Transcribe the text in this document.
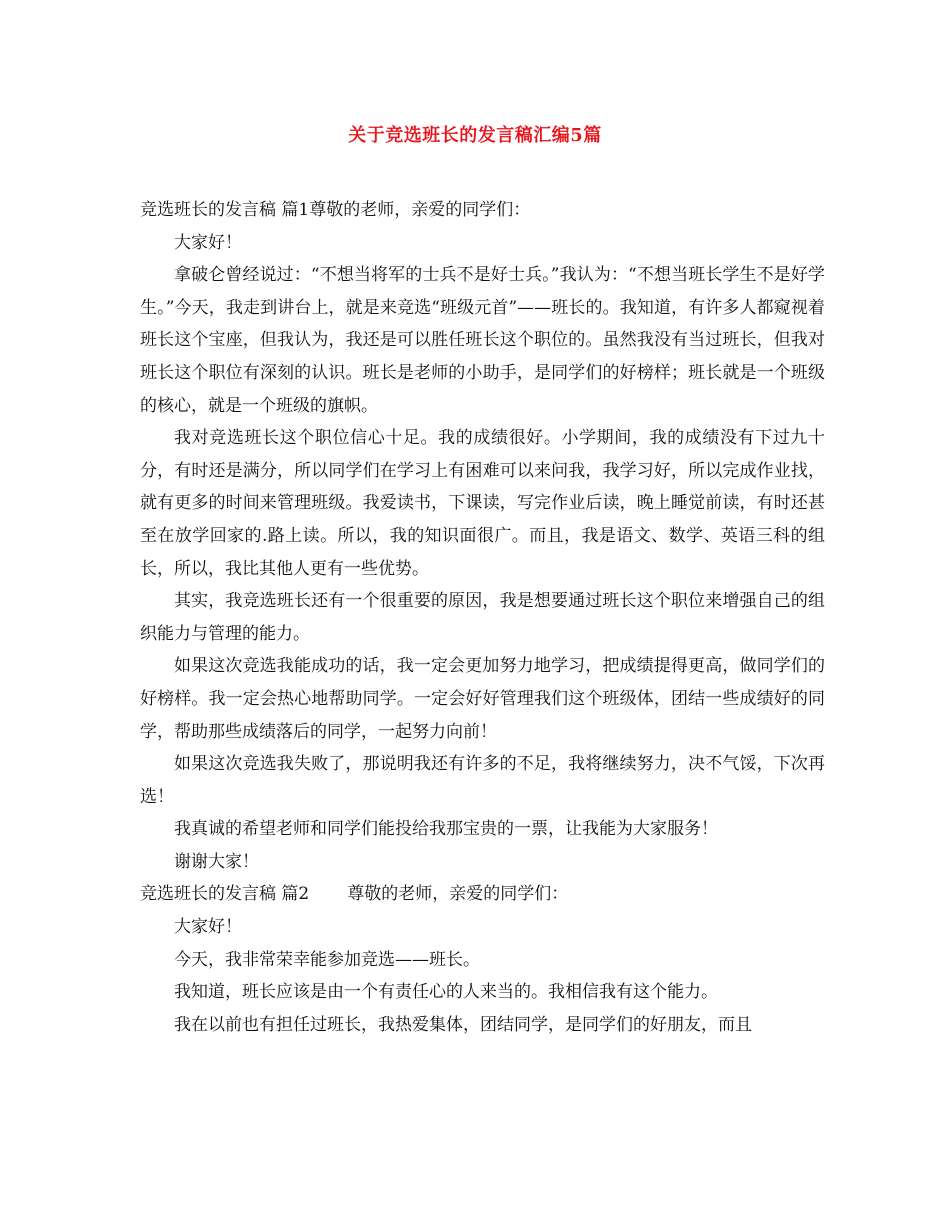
关于竞选班长的发言稿汇编5篇

竞选班长的发言稿 篇1尊敬的老师，亲爱的同学们：

大家好！

拿破仑曾经说过：“不想当将军的士兵不是好士兵。”我认为：“不想当班长学生不是好学生。”今天，我走到讲台上，就是来竞选“班级元首”——班长的。我知道，有许多人都窥视着班长这个宝座，但我认为，我还是可以胜任班长这个职位的。虽然我没有当过班长，但我对班长这个职位有深刻的认识。班长是老师的小助手，是同学们的好榜样；班长就是一个班级的核心，就是一个班级的旗帜。

我对竞选班长这个职位信心十足。我的成绩很好。小学期间，我的成绩没有下过九十分，有时还是满分，所以同学们在学习上有困难可以来问我，我学习好，所以完成作业找，就有更多的时间来管理班级。我爱读书，下课读，写完作业后读，晚上睡觉前读，有时还甚至在放学回家的.路上读。所以，我的知识面很广。而且，我是语文、数学、英语三科的组长，所以，我比其他人更有一些优势。

其实，我竞选班长还有一个很重要的原因，我是想要通过班长这个职位来增强自己的组织能力与管理的能力。

如果这次竞选我能成功的话，我一定会更加努力地学习，把成绩提得更高，做同学们的好榜样。我一定会热心地帮助同学。一定会好好管理我们这个班级体，团结一些成绩好的同学，帮助那些成绩落后的同学，一起努力向前！

如果这次竞选我失败了，那说明我还有许多的不足，我将继续努力，决不气馁，下次再选！

我真诚的希望老师和同学们能投给我那宝贵的一票，让我能为大家服务！

谢谢大家！

竞选班长的发言稿 篇2 尊敬的老师，亲爱的同学们：

大家好！

今天，我非常荣幸能参加竞选——班长。

我知道，班长应该是由一个有责任心的人来当的。我相信我有这个能力。

我在以前也有担任过班长，我热爱集体，团结同学，是同学们的好朋友，而且
